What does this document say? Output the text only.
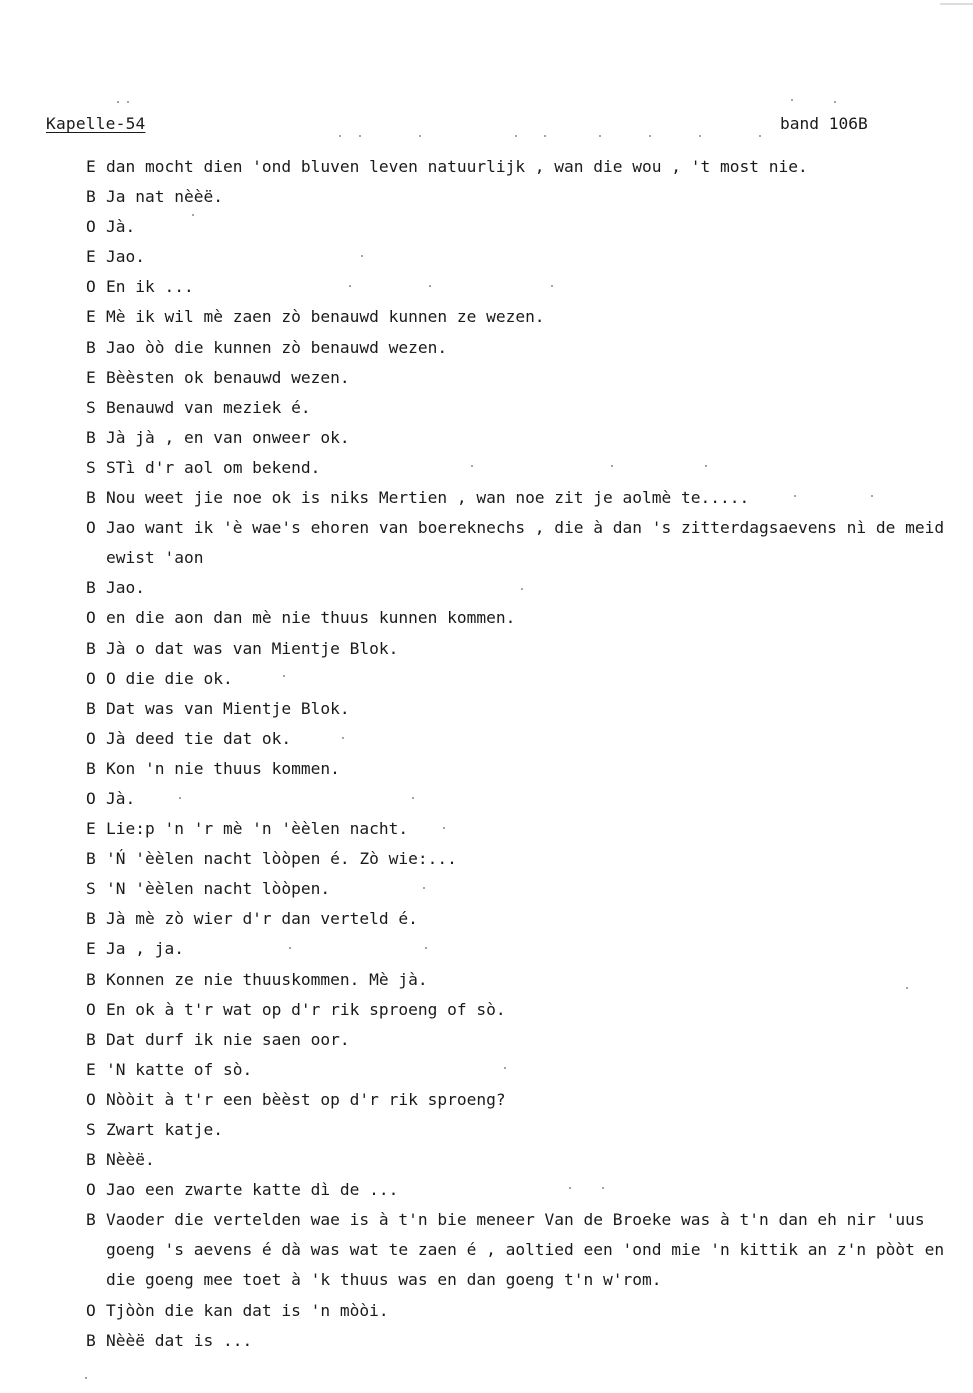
Kapelle-54	band 106B
E dan mocht dien 'ond bluven leven natuurlijk , wan die wou , 't most nie.
B Ja nat nèèë.
O Jà.
E Jao.
O En ik ...
E Mè ik wil mè zaen zò benauwd kunnen ze wezen.
B Jao òò die kunnen zò benauwd wezen.
E Bèèsten ok benauwd wezen.
S Benauwd van meziek é.
B Jà jà , en van onweer ok.
S STì d'r aol om bekend.
B Nou weet jie noe ok is niks Mertien , wan noe zit je aolmè te.....
O Jao want ik 'è wae's ehoren van boereknechs , die à dan 's zitterdagsaevens nì de meid ewist 'aon
B Jao.
O en die aon dan mè nie thuus kunnen kommen.
B Jà o dat was van Mientje Blok.
O O die die ok.
B Dat was van Mientje Blok.
O Jà deed tie dat ok.
B Kon 'n nie thuus kommen.
O Jà.
E Lie:p 'n 'r mè 'n 'èèlen nacht.
B 'Ń 'èèlen nacht lòòpen é. Zò wie:...
S 'N 'èèlen nacht lòòpen.
B Jà mè zò wier d'r dan verteld é.
E Ja , ja.
B Konnen ze nie thuuskommen. Mè jà.
O En ok à t'r wat op d'r rik sproeng of sò.
B Dat durf ik nie saen oor.
E 'N katte of sò.
O Nòòit à t'r een bèèst op d'r rik sproeng?
S Zwart katje.
B Nèèë.
O Jao een zwarte katte dì de ...
B Vaoder die vertelden wae is à t'n bie meneer Van de Broeke was à t'n dan eh nir 'uus goeng 's aevens é dà was wat te zaen é , aoltied een 'ond mie 'n kittik an z'n pòòt en die goeng mee toet à 'k thuus was en dan goeng t'n w'rom.
O Tjòòn die kan dat is 'n mòòi.
B Nèèë dat is ...
